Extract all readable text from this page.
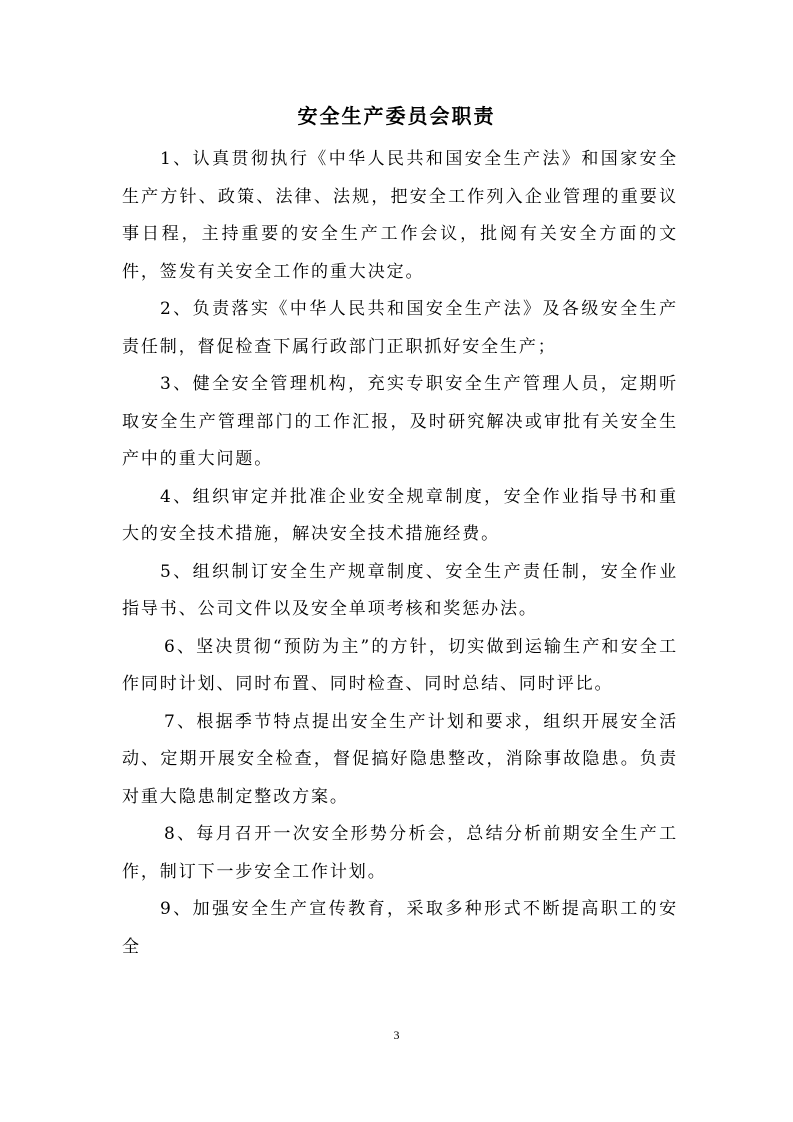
安全生产委员会职责

1、认真贯彻执行《中华人民共和国安全生产法》和国家安全生产方针、政策、法律、法规，把安全工作列入企业管理的重要议事日程，主持重要的安全生产工作会议，批阅有关安全方面的文件，签发有关安全工作的重大决定。

2、负责落实《中华人民共和国安全生产法》及各级安全生产责任制，督促检查下属行政部门正职抓好安全生产；

3、健全安全管理机构，充实专职安全生产管理人员，定期听取安全生产管理部门的工作汇报，及时研究解决或审批有关安全生产中的重大问题。

4、组织审定并批准企业安全规章制度，安全作业指导书和重大的安全技术措施，解决安全技术措施经费。

5、组织制订安全生产规章制度、安全生产责任制，安全作业指导书、公司文件以及安全单项考核和奖惩办法。

6、坚决贯彻“预防为主”的方针，切实做到运输生产和安全工作同时计划、同时布置、同时检查、同时总结、同时评比。

7、根据季节特点提出安全生产计划和要求，组织开展安全活动、定期开展安全检查，督促搞好隐患整改，消除事故隐患。负责对重大隐患制定整改方案。

8、每月召开一次安全形势分析会，总结分析前期安全生产工作，制订下一步安全工作计划。

9、加强安全生产宣传教育，采取多种形式不断提高职工的安全

3
